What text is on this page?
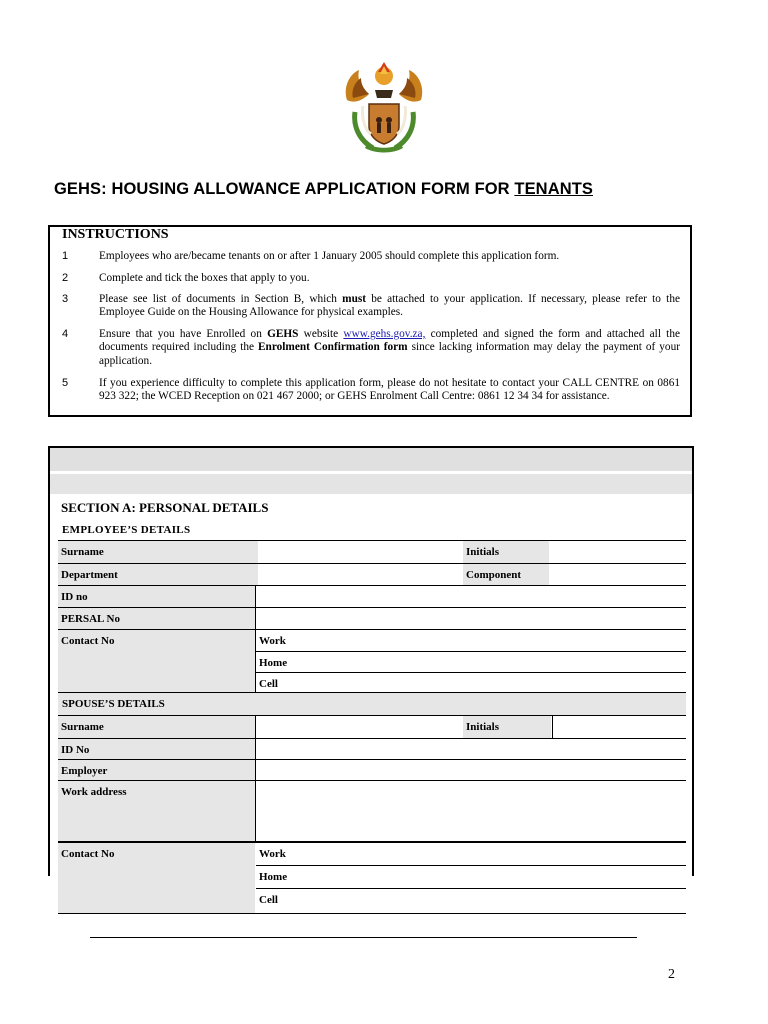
GEHS: HOUSING ALLOWANCE APPLICATION FORM FOR TENANTS
INSTRUCTIONS
1	Employees who are/became tenants on or after 1 January 2005 should complete this application form.
2	Complete and tick the boxes that apply to you.
3	Please see list of documents in Section B, which must be attached to your application. If necessary, please refer to the Employee Guide on the Housing Allowance for physical examples.
4	Ensure that you have Enrolled on GEHS website www.gehs.gov.za, completed and signed the form and attached all the documents required including the Enrolment Confirmation form since lacking information may delay the payment of your application.
5	If you experience difficulty to complete this application form, please do not hesitate to contact your CALL CENTRE on 0861 923 322; the WCED Reception on 021 467 2000; or GEHS Enrolment Call Centre: 0861 12 34 34 for assistance.
SECTION A: PERSONAL DETAILS
EMPLOYEE’S DETAILS
Surname	Initials
Department	Component
ID no
PERSAL No
Contact No	Work
Home
Cell
SPOUSE’S DETAILS
Surname	Initials
ID No
Employer
Work address
Contact No	Work
Home
Cell
2
